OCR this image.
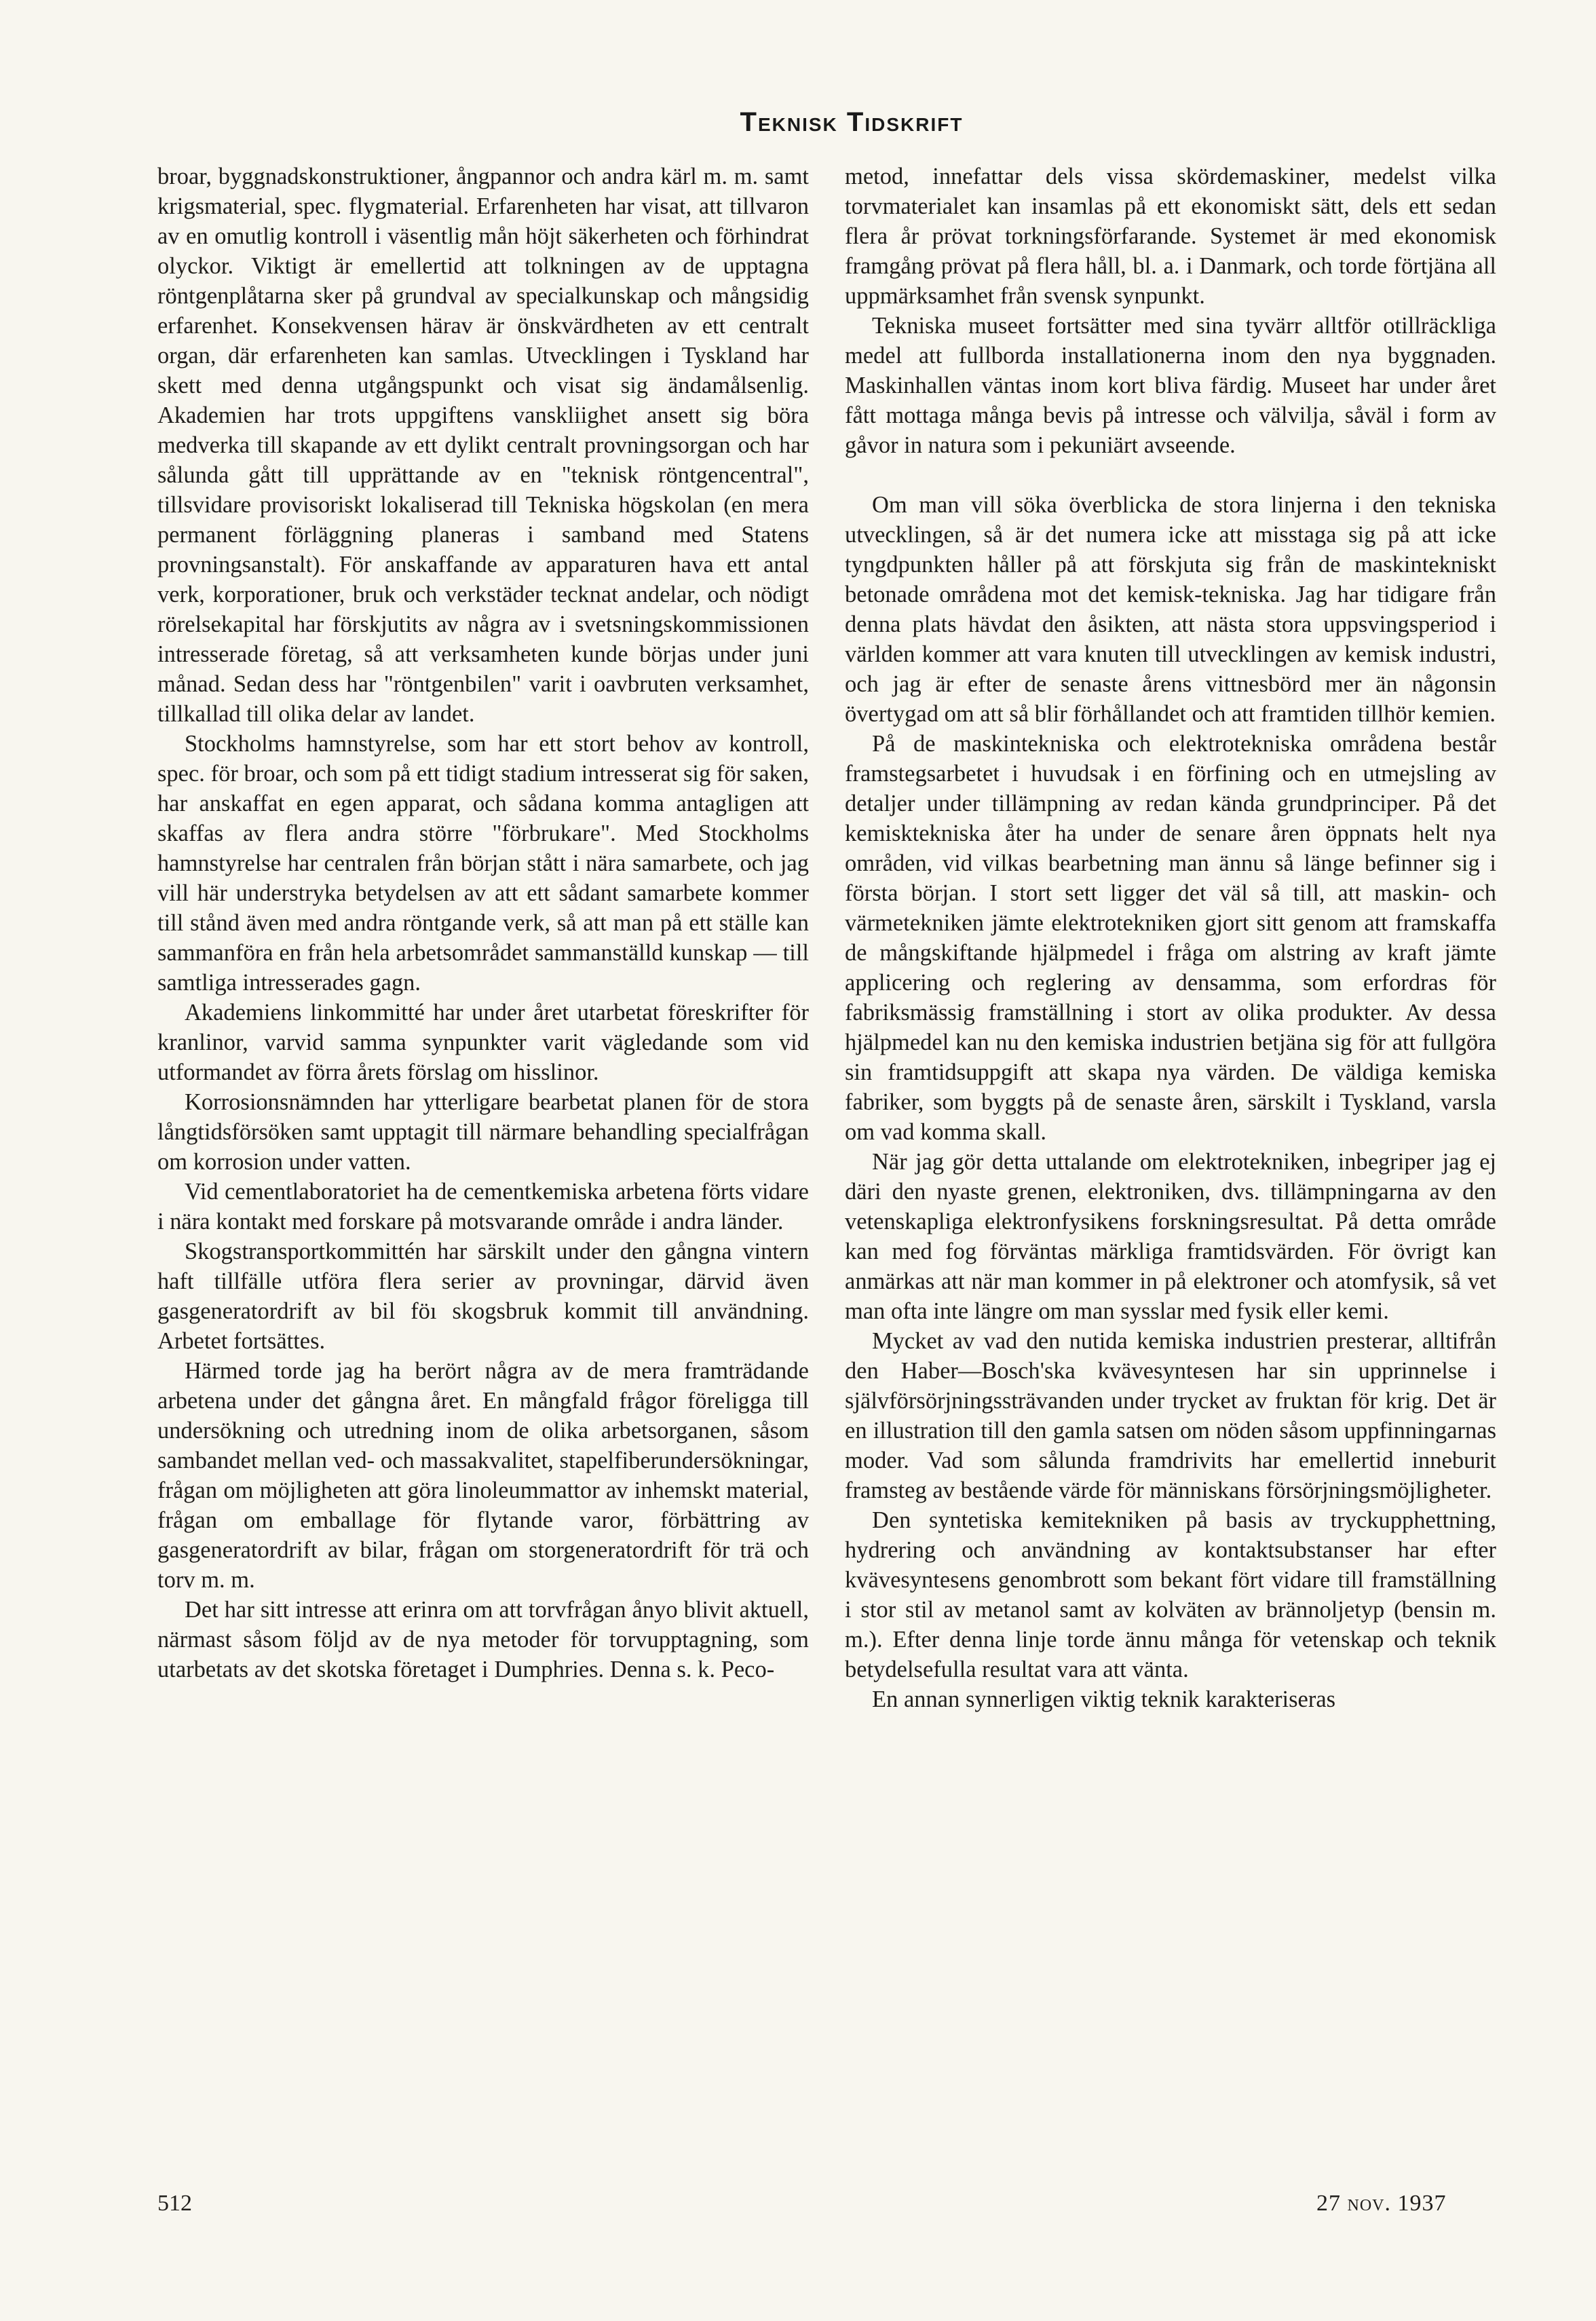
Teknisk Tidskrift

broar, byggnadskonstruktioner, ångpannor och andra kärl m. m. samt krigsmaterial, spec. flygmaterial. Erfarenheten har visat, att tillvaron av en omutlig kontroll i väsentlig mån höjt säkerheten och förhindrat olyckor. Viktigt är emellertid att tolkningen av de upptagna röntgenplåtarna sker på grundval av specialkunskap och mångsidig erfarenhet. Konsekvensen härav är önskvärdheten av ett centralt organ, där erfarenheten kan samlas. Utvecklingen i Tyskland har skett med denna utgångspunkt och visat sig ändamålsenlig. Akademien har trots uppgiftens vanskliighet ansett sig böra medverka till skapande av ett dylikt centralt provningsorgan och har sålunda gått till upprättande av en "teknisk röntgencentral", tillsvidare provisoriskt lokaliserad till Tekniska högskolan (en mera permanent förläggning planeras i samband med Statens provningsanstalt). För anskaffande av apparaturen hava ett antal verk, korporationer, bruk och verkstäder tecknat andelar, och nödigt rörelsekapital har förskjutits av några av i svetsningskommissionen intresserade företag, så att verksamheten kunde börjas under juni månad. Sedan dess har "röntgenbilen" varit i oavbruten verksamhet, tillkallad till olika delar av landet.

Stockholms hamnstyrelse, som har ett stort behov av kontroll, spec. för broar, och som på ett tidigt stadium intresserat sig för saken, har anskaffat en egen apparat, och sådana komma antagligen att skaffas av flera andra större "förbrukare". Med Stockholms hamnstyrelse har centralen från början stått i nära samarbete, och jag vill här understryka betydelsen av att ett sådant samarbete kommer till stånd även med andra röntgande verk, så att man på ett ställe kan sammanföra en från hela arbetsområdet sammanställd kunskap — till samtliga intresserades gagn.

Akademiens linkommitté har under året utarbetat föreskrifter för kranlinor, varvid samma synpunkter varit vägledande som vid utformandet av förra årets förslag om hisslinor.

Korrosionsnämnden har ytterligare bearbetat planen för de stora långtidsförsöken samt upptagit till närmare behandling specialfrågan om korrosion under vatten.

Vid cementlaboratoriet ha de cementkemiska arbetena förts vidare i nära kontakt med forskare på motsvarande område i andra länder.

Skogstransportkommittén har särskilt under den gångna vintern haft tillfälle utföra flera serier av provningar, därvid även gasgeneratordrift av bil föı skogsbruk kommit till användning. Arbetet fortsättes.

Härmed torde jag ha berört några av de mera framträdande arbetena under det gångna året. En mångfald frågor föreligga till undersökning och utredning inom de olika arbetsorganen, såsom sambandet mellan ved- och massakvalitet, stapelfiberundersökningar, frågan om möjligheten att göra linoleummattor av inhemskt material, frågan om emballage för flytande varor, förbättring av gasgeneratordrift av bilar, frågan om storgeneratordrift för trä och torv m. m.

Det har sitt intresse att erinra om att torvfrågan ånyo blivit aktuell, närmast såsom följd av de nya metoder för torvupptagning, som utarbetats av det skotska företaget i Dumphries. Denna s. k. Peco-

metod, innefattar dels vissa skördemaskiner, medelst vilka torvmaterialet kan insamlas på ett ekonomiskt sätt, dels ett sedan flera år prövat torkningsförfarande. Systemet är med ekonomisk framgång prövat på flera håll, bl. a. i Danmark, och torde förtjäna all uppmärksamhet från svensk synpunkt.

Tekniska museet fortsätter med sina tyvärr alltför otillräckliga medel att fullborda installationerna inom den nya byggnaden. Maskinhallen väntas inom kort bliva färdig. Museet har under året fått mottaga många bevis på intresse och välvilja, såväl i form av gåvor in natura som i pekuniärt avseende.

Om man vill söka överblicka de stora linjerna i den tekniska utvecklingen, så är det numera icke att misstaga sig på att icke tyngdpunkten håller på att förskjuta sig från de maskintekniskt betonade områdena mot det kemisk-tekniska. Jag har tidigare från denna plats hävdat den åsikten, att nästa stora uppsvingsperiod i världen kommer att vara knuten till utvecklingen av kemisk industri, och jag är efter de senaste årens vittnesbörd mer än någonsin övertygad om att så blir förhållandet och att framtiden tillhör kemien.

På de maskintekniska och elektrotekniska områdena består framstegsarbetet i huvudsak i en förfining och en utmejsling av detaljer under tillämpning av redan kända grundprinciper. På det kemisktekniska åter ha under de senare åren öppnats helt nya områden, vid vilkas bearbetning man ännu så länge befinner sig i första början. I stort sett ligger det väl så till, att maskin- och värmetekniken jämte elektrotekniken gjort sitt genom att framskaffa de mångskiftande hjälpmedel i fråga om alstring av kraft jämte applicering och reglering av densamma, som erfordras för fabriksmässig framställning i stort av olika produkter. Av dessa hjälpmedel kan nu den kemiska industrien betjäna sig för att fullgöra sin framtidsuppgift att skapa nya värden. De väldiga kemiska fabriker, som byggts på de senaste åren, särskilt i Tyskland, varsla om vad komma skall.

När jag gör detta uttalande om elektrotekniken, inbegriper jag ej däri den nyaste grenen, elektroniken, dvs. tillämpningarna av den vetenskapliga elektronfysikens forskningsresultat. På detta område kan med fog förväntas märkliga framtidsvärden. För övrigt kan anmärkas att när man kommer in på elektroner och atomfysik, så vet man ofta inte längre om man sysslar med fysik eller kemi.

Mycket av vad den nutida kemiska industrien presterar, alltifrån den Haber—Bosch'ska kvävesyntesen har sin upprinnelse i självförsörjningssträvanden under trycket av fruktan för krig. Det är en illustration till den gamla satsen om nöden såsom uppfinningarnas moder. Vad som sålunda framdrivits har emellertid inneburit framsteg av bestående värde för människans försörjningsmöjligheter.

Den syntetiska kemitekniken på basis av tryckupphettning, hydrering och användning av kontaktsubstanser har efter kvävesyntesens genombrott som bekant fört vidare till framställning i stor stil av metanol samt av kolväten av brännoljetyp (bensin m. m.). Efter denna linje torde ännu många för vetenskap och teknik betydelsefulla resultat vara att vänta.

En annan synnerligen viktig teknik karakteriseras

512	27 nov. 1937
